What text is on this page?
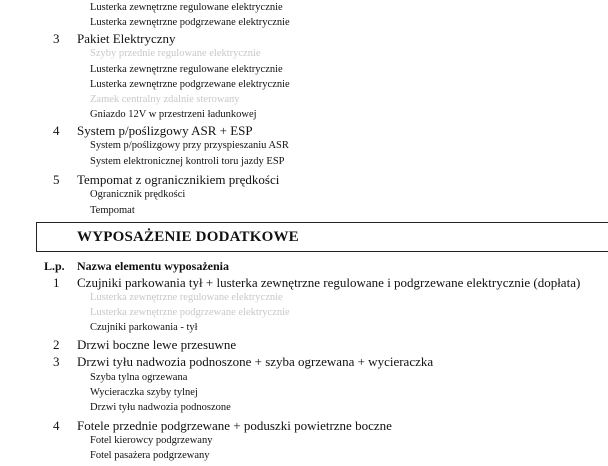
Lusterka zewnętrzne regulowane elektrycznie
Lusterka zewnętrzne podgrzewane elektrycznie
3 Pakiet Elektryczny
Szyby przednie regulowane elektrycznie
Lusterka zewnętrzne regulowane elektrycznie
Lusterka zewnętrzne podgrzewane elektrycznie
Zamek centralny zdalnie sterowany
Gniazdo 12V w przestrzeni ładunkowej
4 System p/poślizgowy ASR + ESP
System p/poślizgowy przy przyspieszaniu ASR
System elektronicznej kontroli toru jazdy ESP
5 Tempomat z ogranicznikiem prędkości
Ogranicznik prędkości
Tempomat
WYPOSAŻENIE DODATKOWE
L.p. Nazwa elementu wyposażenia
1 Czujniki parkowania tył + lusterka zewnętrzne regulowane i podgrzewane elektrycznie (dopłata)
Lusterka zewnętrzne regulowane elektrycznie
Lusterka zewnętrzne podgrzewane elektrycznie
Czujniki parkowania - tył
2 Drzwi boczne lewe przesuwne
3 Drzwi tyłu nadwozia podnoszone + szyba ogrzewana + wycieraczka
Szyba tylna ogrzewana
Wycieraczka szyby tylnej
Drzwi tyłu nadwozia podnoszone
4 Fotele przednie podgrzewane + poduszki powietrzne boczne
Fotel kierowcy podgrzewany
Fotel pasażera podgrzewany
